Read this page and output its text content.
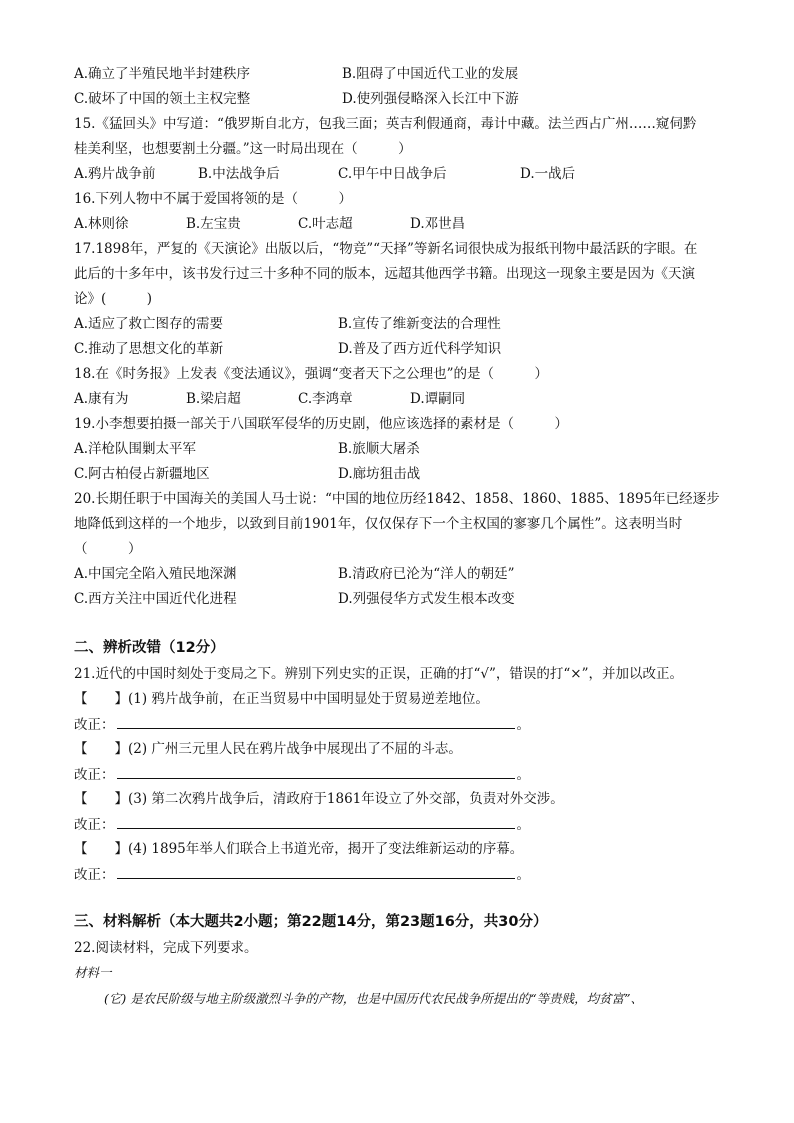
A.确立了半殖民地半封建秩序	B.阻碍了中国近代工业的发展
C.破坏了中国的领土主权完整	D.使列强侵略深入长江中下游
15.《猛回头》中写道：“俄罗斯自北方，包我三面；英吉利假通商，毒计中藏。法兰西占广州……窥伺黔
桂美利坚，也想要割土分疆。”这一时局出现在（　　　）
A.鸦片战争前	B.中法战争后	C.甲午中日战争后	D.一战后
16.下列人物中不属于爱国将领的是（　　　）
A.林则徐	B.左宝贵	C.叶志超	D.邓世昌
17.1898年，严复的《天演论》出版以后，“物竞”“天择”等新名词很快成为报纸刊物中最活跃的字眼。在
此后的十多年中，该书发行过三十多种不同的版本，远超其他西学书籍。出现这一现象主要是因为《天演
论》(　　　)
A.适应了救亡图存的需要	B.宣传了维新变法的合理性
C.推动了思想文化的革新	D.普及了西方近代科学知识
18.在《时务报》上发表《变法通议》，强调“变者天下之公理也”的是（　　　）
A.康有为	B.梁启超	C.李鸿章	D.谭嗣同
19.小李想要拍摄一部关于八国联军侵华的历史剧，他应该选择的素材是（　　　）
A.洋枪队围剿太平军	B.旅顺大屠杀
C.阿古柏侵占新疆地区	D.廊坊狙击战
20.长期任职于中国海关的美国人马士说：“中国的地位历经1842、1858、1860、1885、1895年已经逐步
地降低到这样的一个地步，以致到目前1901年，仅仅保存下一个主权国的寥寥几个属性”。这表明当时
（　　　）
A.中国完全陷入殖民地深渊	B.清政府已沦为“洋人的朝廷”
C.西方关注中国近代化进程	D.列强侵华方式发生根本改变
二、辨析改错（12分）
21.近代的中国时刻处于变局之下。辨别下列史实的正误，正确的打“√”，错误的打“×”，并加以改正。
【　　】(1) 鸦片战争前，在正当贸易中中国明显处于贸易逆差地位。
改正：	。
【　　】(2) 广州三元里人民在鸦片战争中展现出了不屈的斗志。
改正：	。
【　　】(3) 第二次鸦片战争后，清政府于1861年设立了外交部，负责对外交涉。
改正：	。
【　　】(4) 1895年举人们联合上书道光帝，揭开了变法维新运动的序幕。
改正：	。
三、材料解析（本大题共2小题；第22题14分，第23题16分，共30分）
22.阅读材料，完成下列要求。
材料一
(它) 是农民阶级与地主阶级激烈斗争的产物，也是中国历代农民战争所提出的“等贵贱，均贫富”、
